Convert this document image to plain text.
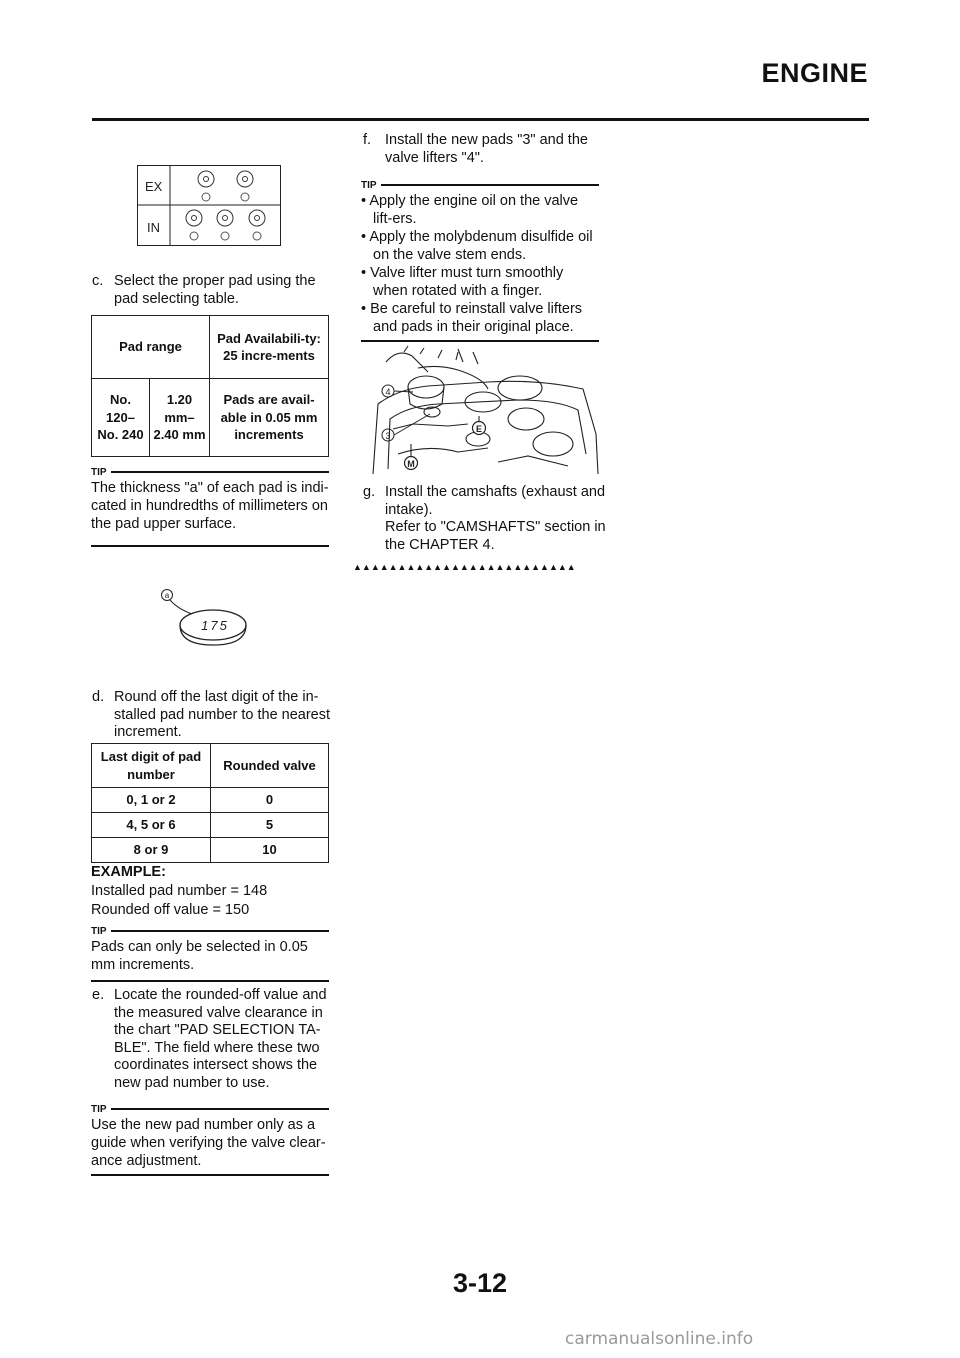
ENGINE
EX
IN
c. Select the proper pad using the pad selecting table.
Pad range		Pad Availabili-ty: 25 incre-ments
No. 120– No. 240	1.20 mm– 2.40 mm	Pads are avail-able in 0.05 mm increments
TIP
The thickness "a" of each pad is indi-cated in hundredths of millimeters on the pad upper surface.
a
175
d. Round off the last digit of the in-stalled pad number to the nearest increment.
Last digit of pad number	Rounded valve
0, 1 or 2	0
4, 5 or 6	5
8 or 9	10
EXAMPLE:
Installed pad number = 148
Rounded off value = 150
TIP
Pads can only be selected in 0.05 mm increments.
e. Locate the rounded-off value and the measured valve clearance in the chart "PAD SELECTION TA-BLE". The field where these two coordinates intersect shows the new pad number to use.
TIP
Use the new pad number only as a guide when verifying the valve clear-ance adjustment.
f. Install the new pads "3" and the valve lifters "4".
TIP
• Apply the engine oil on the valve lift-ers.
• Apply the molybdenum disulfide oil on the valve stem ends.
• Valve lifter must turn smoothly when rotated with a finger.
• Be careful to reinstall valve lifters and pads in their original place.
4
3
E
M
g. Install the camshafts (exhaust and intake).
Refer to "CAMSHAFTS" section in the CHAPTER 4.
▲▲▲▲▲▲▲▲▲▲▲▲▲▲▲▲▲▲▲▲▲▲▲▲▲
3-12
carmanualsonline.info
